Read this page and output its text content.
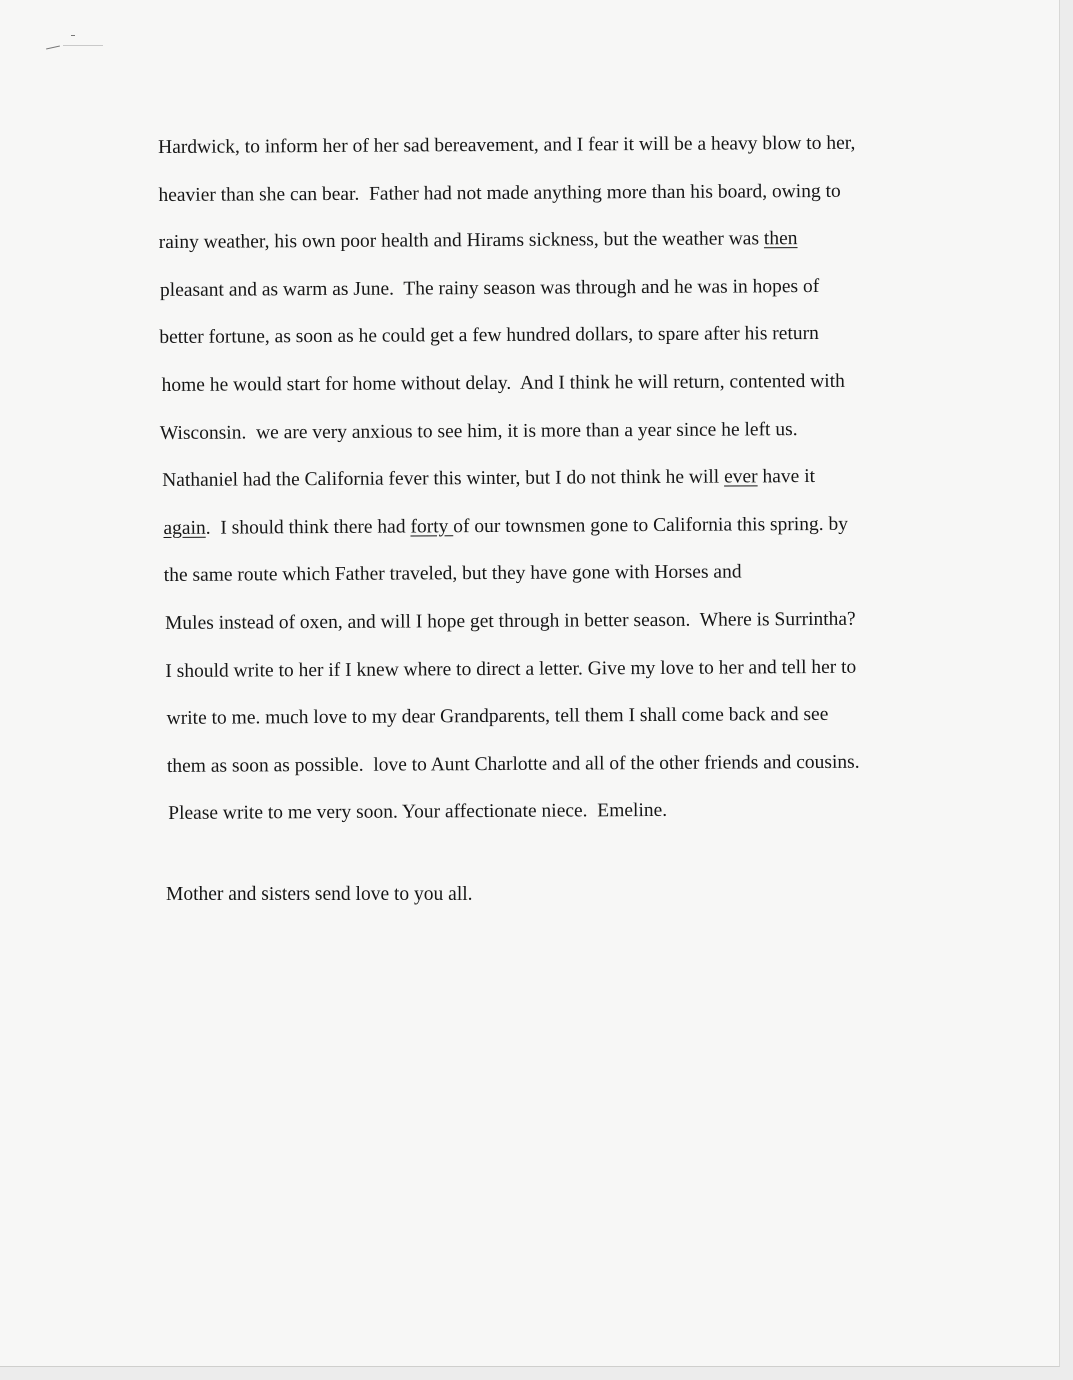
Hardwick, to inform her of her sad bereavement, and I fear it will be a heavy blow to her,
heavier than she can bear.  Father had not made anything more than his board, owing to
rainy weather, his own poor health and Hirams sickness, but the weather was then
pleasant and as warm as June.  The rainy season was through and he was in hopes of
better fortune, as soon as he could get a few hundred dollars, to spare after his return
home he would start for home without delay.  And I think he will return, contented with
Wisconsin.  we are very anxious to see him, it is more than a year since he left us.
Nathaniel had the California fever this winter, but I do not think he will ever have it
again.  I should think there had forty of our townsmen gone to California this spring. by
the same route which Father traveled, but they have gone with Horses and
Mules instead of oxen, and will I hope get through in better season.  Where is Surrintha?
I should write to her if I knew where to direct a letter. Give my love to her and tell her to
write to me. much love to my dear Grandparents, tell them I shall come back and see
them as soon as possible.  love to Aunt Charlotte and all of the other friends and cousins.
Please write to me very soon. Your affectionate niece.  Emeline.
Mother and sisters send love to you all.
